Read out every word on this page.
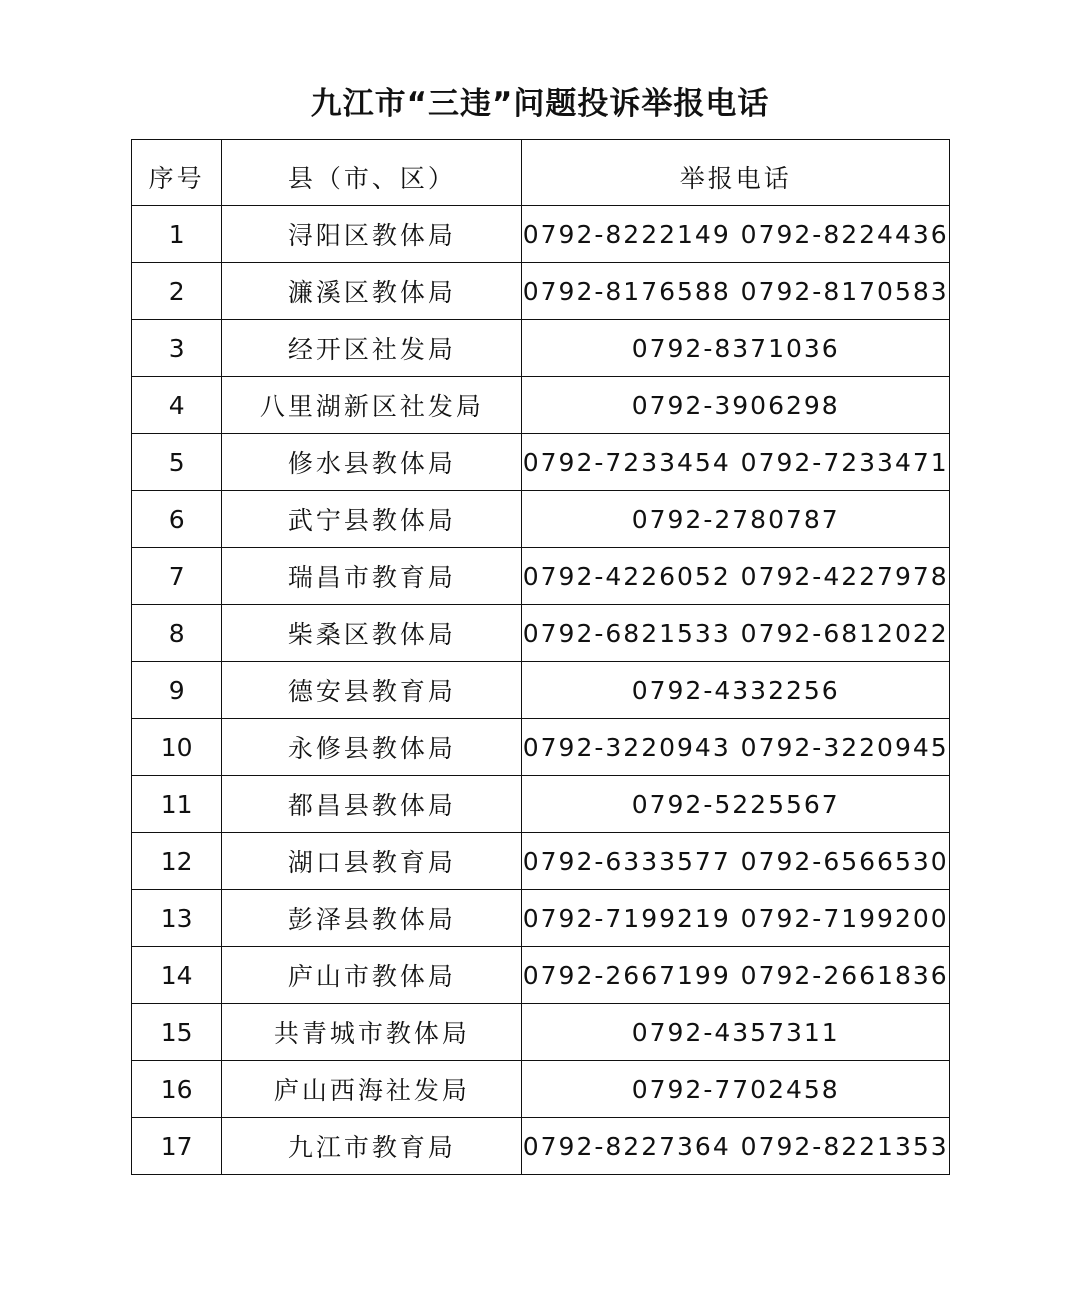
九江市“三违”问题投诉举报电话
序号	县（市、区）	举报电话
1	浔阳区教体局	0792-8222149 0792-8224436
2	濂溪区教体局	0792-8176588 0792-8170583
3	经开区社发局	0792-8371036
4	八里湖新区社发局	0792-3906298
5	修水县教体局	0792-7233454 0792-7233471
6	武宁县教体局	0792-2780787
7	瑞昌市教育局	0792-4226052 0792-4227978
8	柴桑区教体局	0792-6821533 0792-6812022
9	德安县教育局	0792-4332256
10	永修县教体局	0792-3220943 0792-3220945
11	都昌县教体局	0792-5225567
12	湖口县教育局	0792-6333577 0792-6566530
13	彭泽县教体局	0792-7199219 0792-7199200
14	庐山市教体局	0792-2667199 0792-2661836
15	共青城市教体局	0792-4357311
16	庐山西海社发局	0792-7702458
17	九江市教育局	0792-8227364 0792-8221353
